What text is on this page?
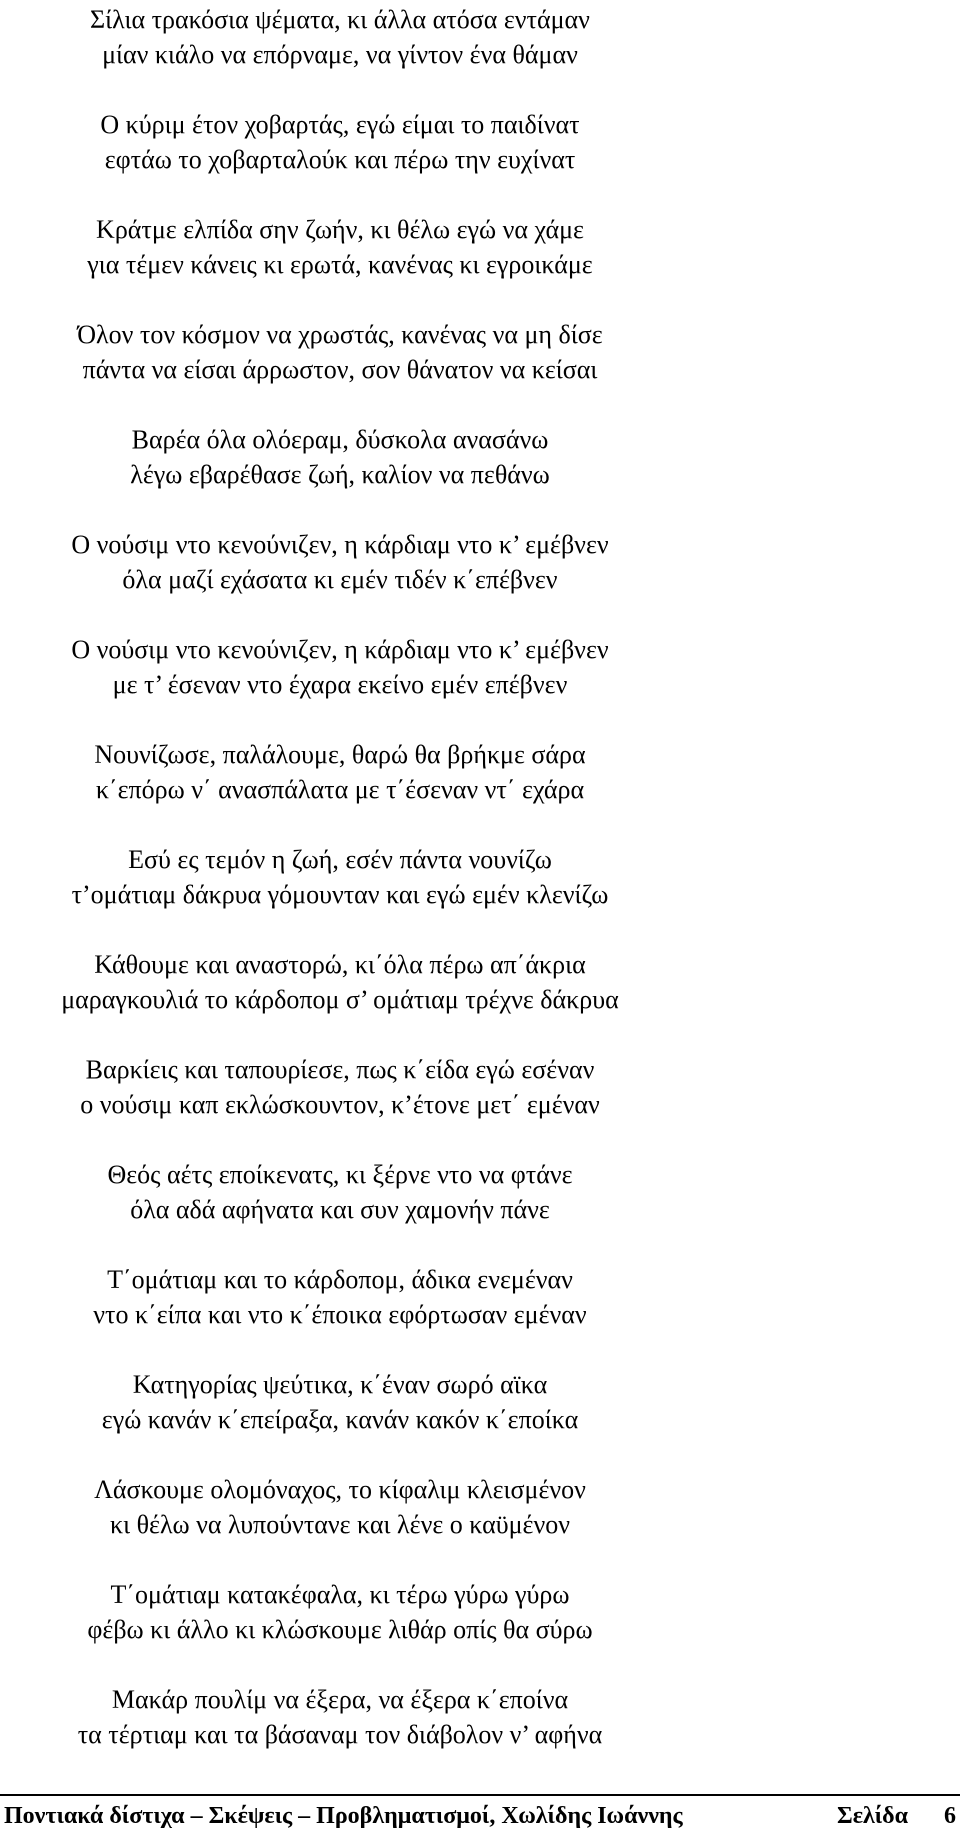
Σίλια τρακόσια ψέματα, κι άλλα ατόσα εντάμαν
μίαν κιάλο να επόρναμε, να γίντον ένα θάμαν
Ο κύριμ έτον χοβαρτάς, εγώ είμαι το παιδίνατ
εφτάω το χοβαρταλούκ και πέρω την ευχίνατ
Κράτμε ελπίδα σην ζωήν, κι θέλω εγώ να χάμε
για τέμεν κάνεις κι ερωτά, κανένας κι εγροικάμε
Όλον τον κόσμον να χρωστάς, κανένας να μη δίσε
πάντα να είσαι άρρωστον, σον θάνατον να κείσαι
Βαρέα όλα ολόεραμ, δύσκολα ανασάνω
λέγω εβαρέθασε ζωή, καλίον να πεθάνω
Ο νούσιμ ντο κενούνιζεν, η κάρδιαμ ντο κ’ εμέβνεν
όλα μαζί εχάσατα κι εμέν τιδέν κ΄επέβνεν
Ο νούσιμ ντο κενούνιζεν, η κάρδιαμ ντο κ’ εμέβνεν
με τ’ έσεναν ντο έχαρα εκείνο εμέν επέβνεν
Νουνίζωσε, παλάλουμε, θαρώ θα βρήκμε σάρα
κ΄επόρω ν΄ ανασπάλατα με τ΄έσεναν ντ΄ εχάρα
Εσύ ες τεμόν η ζωή, εσέν πάντα νουνίζω
τ’ομάτιαμ δάκρυα γόμουνταν και εγώ εμέν κλενίζω
Κάθουμε και αναστορώ, κι΄όλα πέρω απ΄άκρια
μαραγκουλιά το κάρδοπομ σ’ ομάτιαμ τρέχνε δάκρυα
Βαρκίεις και ταπουρίεσε, πως κ΄είδα εγώ εσέναν
ο νούσιμ καπ εκλώσκουντον, κ’έτονε μετ΄ εμέναν
Θεός αέτς εποίκενατς, κι ξέρνε ντο να φτάνε
όλα αδά αφήνατα και συν χαμονήν πάνε
Τ΄ομάτιαμ και το κάρδοπομ, άδικα ενεμέναν
ντο κ΄είπα και ντο κ΄έποικα εφόρτωσαν εμέναν
Κατηγορίας ψεύτικα, κ΄έναν σωρό αϊκα
εγώ κανάν κ΄επείραξα, κανάν κακόν κ΄εποίκα
Λάσκουμε ολομόναχος, το κίφαλιμ κλεισμένον
κι θέλω να λυπούντανε και λένε ο καϋμένον
Τ΄ομάτιαμ κατακέφαλα, κι τέρω γύρω γύρω
φέβω κι άλλο κι κλώσκουμε λιθάρ οπίς θα σύρω
Μακάρ πουλίμ να έξερα, να έξερα κ΄εποίνα
τα τέρτιαμ και τα βάσαναμ τον διάβολον ν’ αφήνα
Ποντιακά δίστιχα – Σκέψεις – Προβληματισμοί, Χωλίδης Ιωάννης	Σελίδα 6
